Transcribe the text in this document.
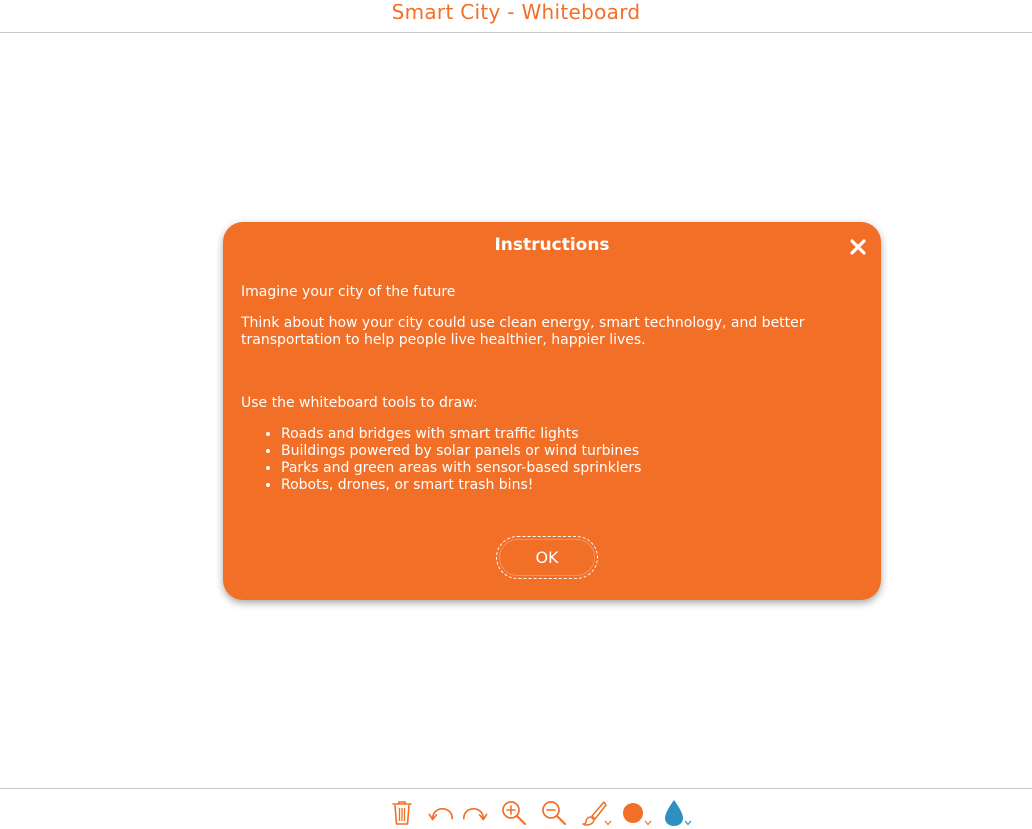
Smart City - Whiteboard
Instructions

Imagine your city of the future

Think about how your city could use clean energy, smart technology, and better transportation to help people live healthier, happier lives.

Use the whiteboard tools to draw:

• Roads and bridges with smart traffic lights
• Buildings powered by solar panels or wind turbines
• Parks and green areas with sensor-based sprinklers
• Robots, drones, or smart trash bins!
OK
